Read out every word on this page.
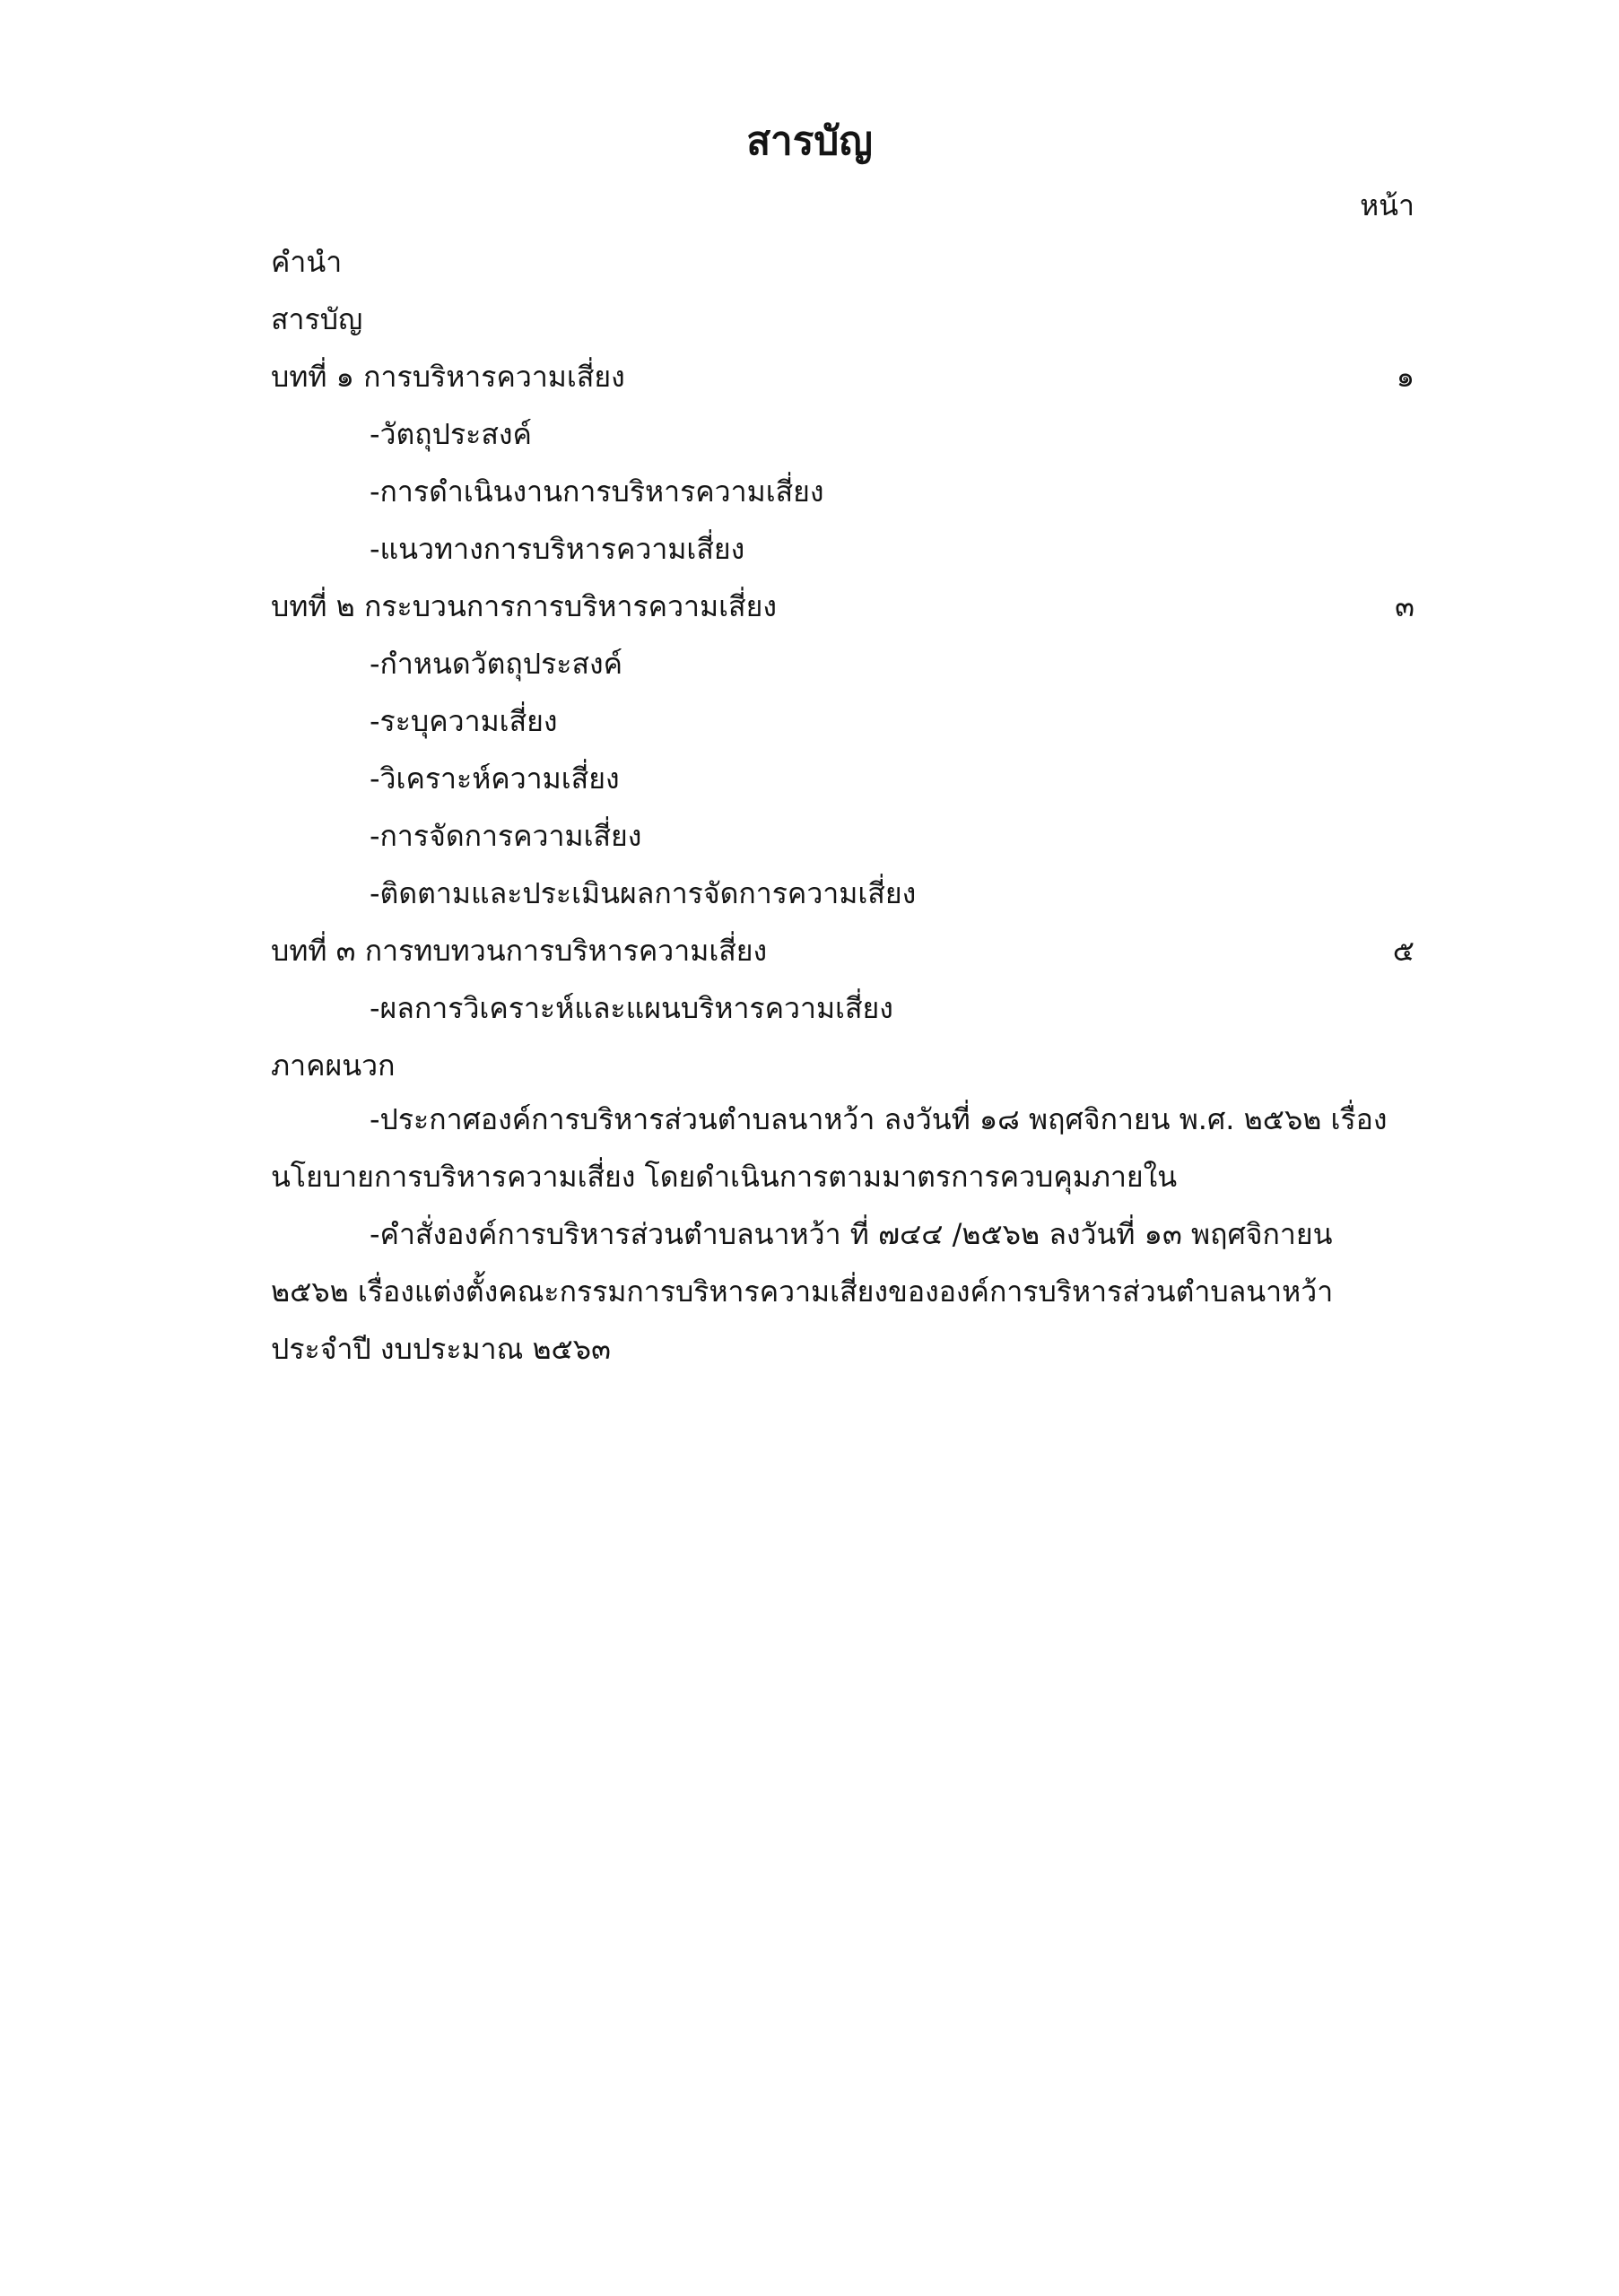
สารบัญ
หน้า
คำนำ
สารบัญ
บทที่ ๑ การบริหารความเสี่ยง	๑
-วัตถุประสงค์
-การดำเนินงานการบริหารความเสี่ยง
-แนวทางการบริหารความเสี่ยง
บทที่ ๒ กระบวนการการบริหารความเสี่ยง	๓
-กำหนดวัตถุประสงค์
-ระบุความเสี่ยง
-วิเคราะห์ความเสี่ยง
-การจัดการความเสี่ยง
-ติดตามและประเมินผลการจัดการความเสี่ยง
บทที่ ๓ การทบทวนการบริหารความเสี่ยง	๕
-ผลการวิเคราะห์และแผนบริหารความเสี่ยง
ภาคผนวก
-ประกาศองค์การบริหารส่วนตำบลนาหว้า ลงวันที่ ๑๘ พฤศจิกายน พ.ศ. ๒๕๖๒ เรื่อง นโยบายการบริหารความเสี่ยง โดยดำเนินการตามมาตรการควบคุมภายใน
-คำสั่งองค์การบริหารส่วนตำบลนาหว้า ที่ ๗๔๔ /๒๕๖๒ ลงวันที่ ๑๓ พฤศจิกายน ๒๕๖๒ เรื่องแต่งตั้งคณะกรรมการบริหารความเสี่ยงขององค์การบริหารส่วนตำบลนาหว้า ประจำปี งบประมาณ ๒๕๖๓
